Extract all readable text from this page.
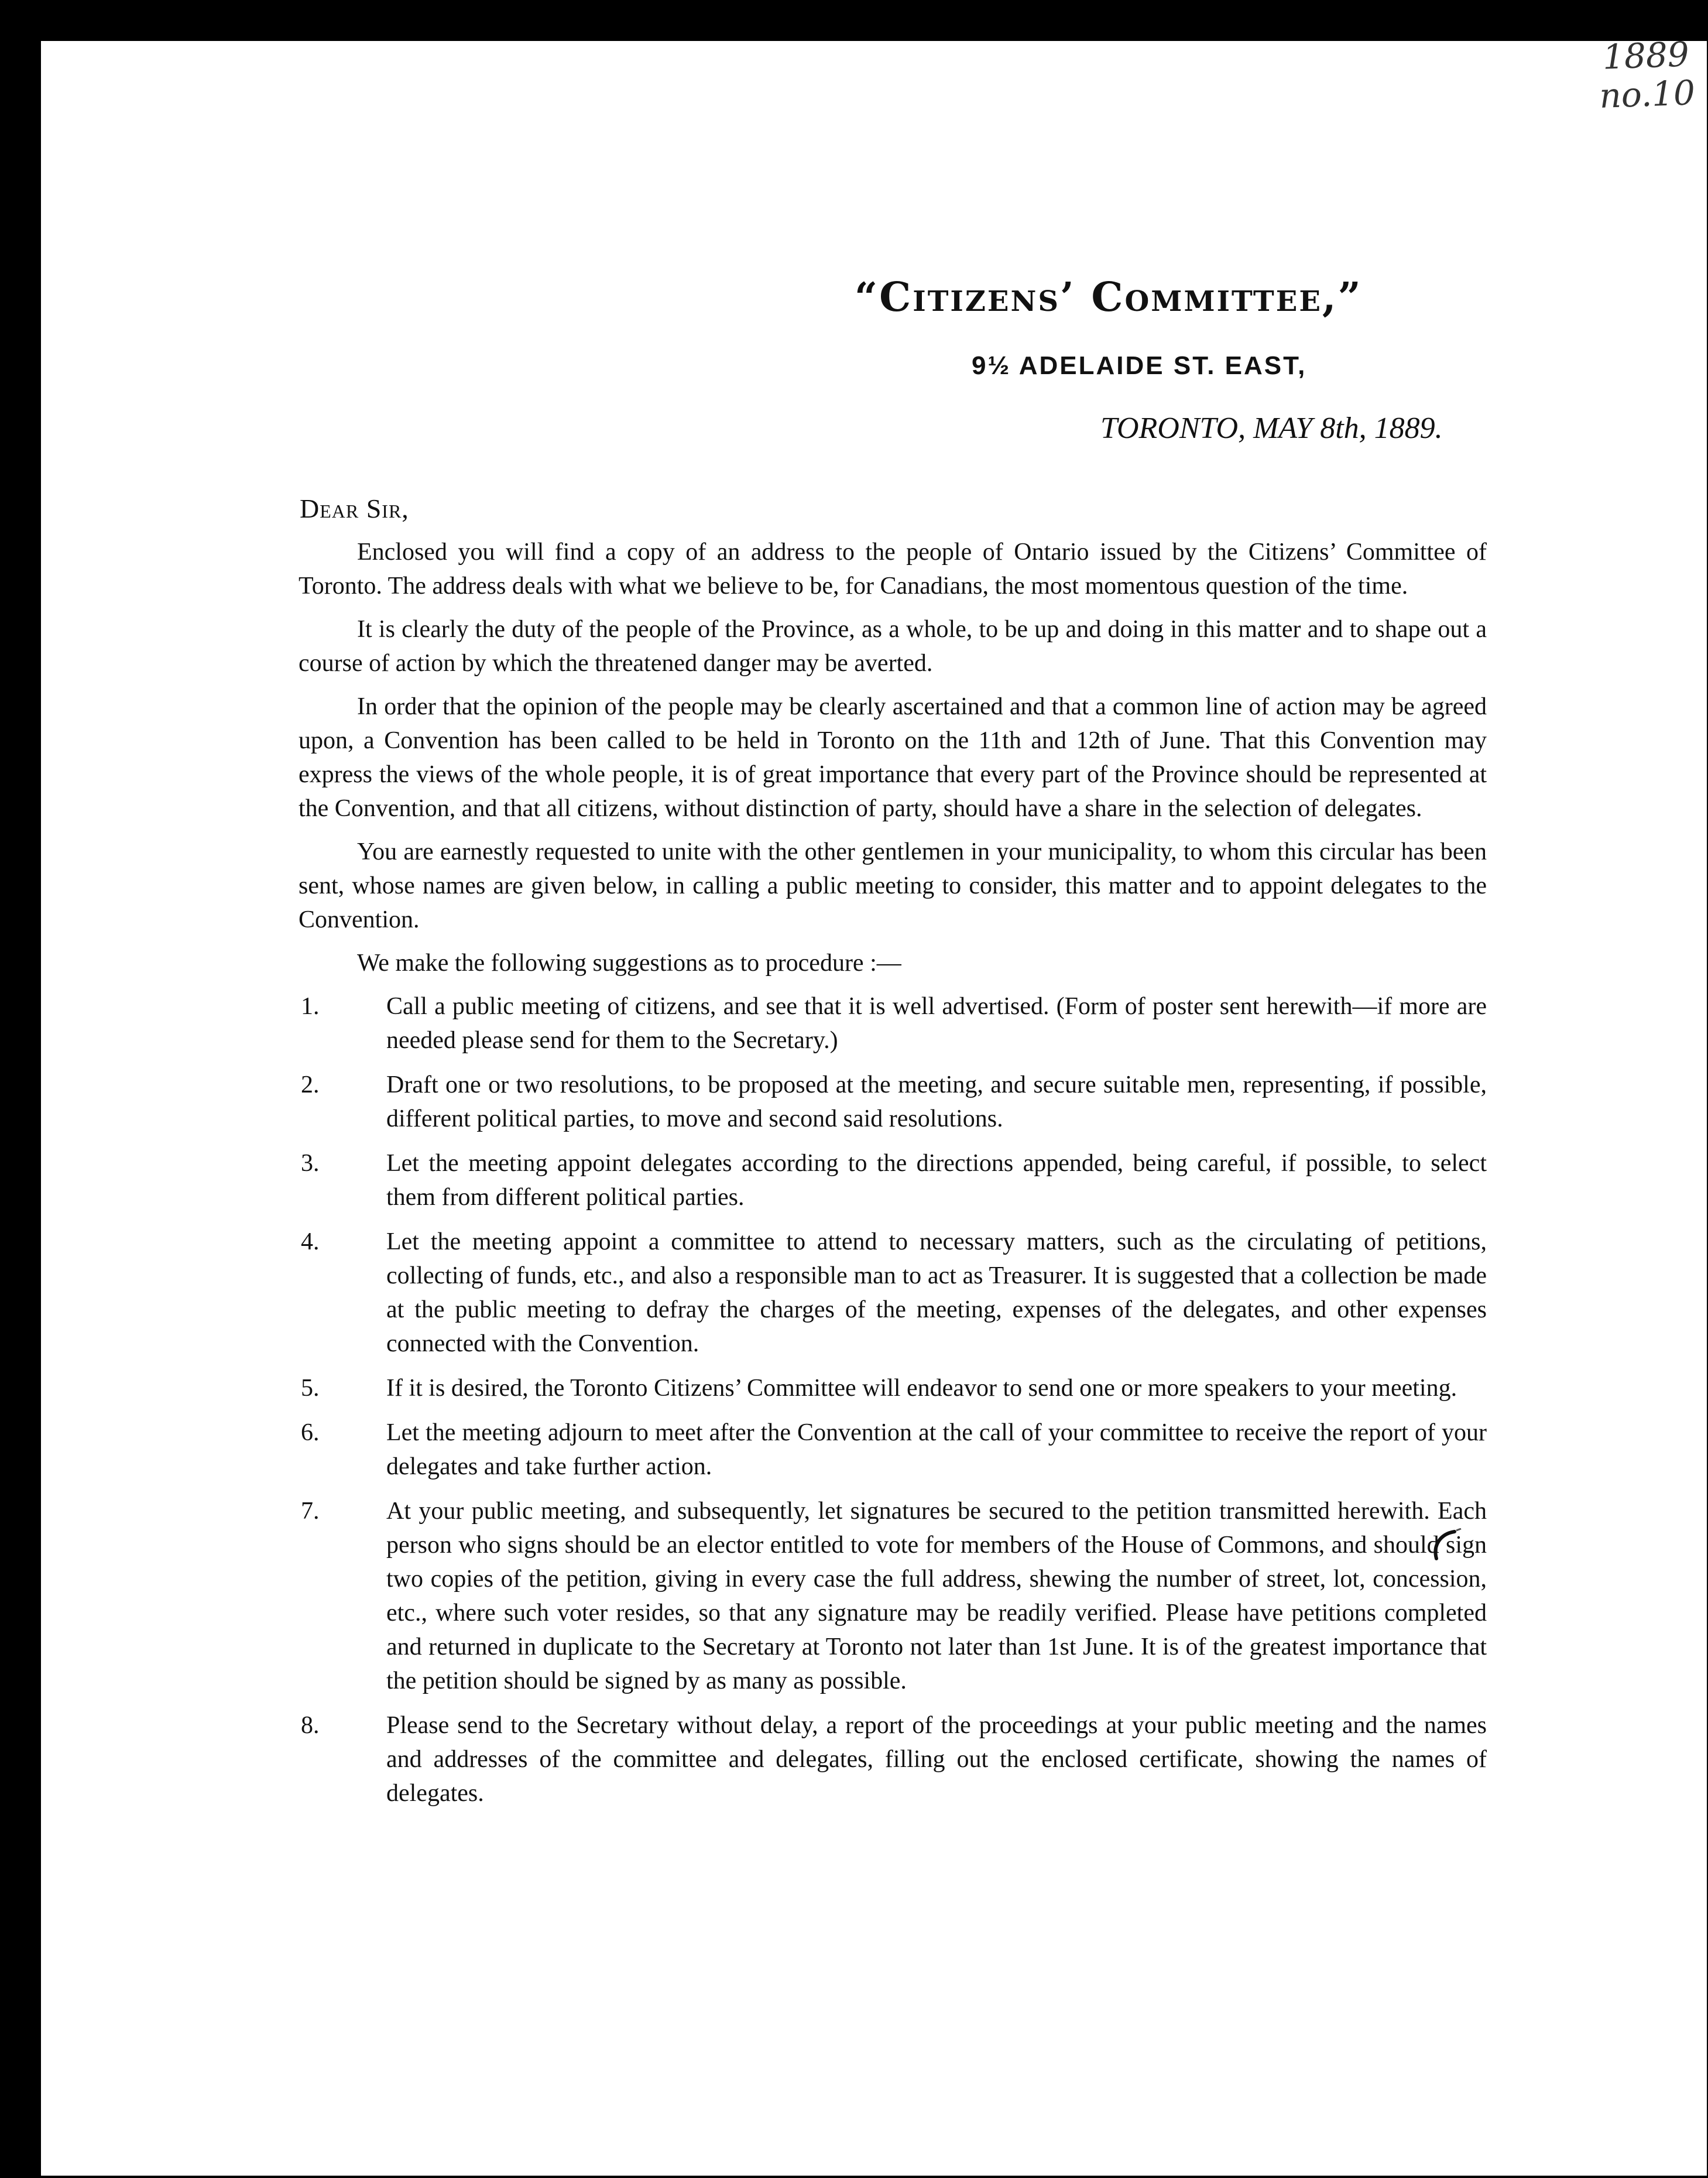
1889
no.10
“Citizens’ Committee,”
9½ ADELAIDE ST. EAST,
TORONTO, MAY 8th, 1889.
Dear Sir,

Enclosed you will find a copy of an address to the people of Ontario issued by the Citizens’ Committee of Toronto. The address deals with what we believe to be, for Canadians, the most momentous question of the time.

It is clearly the duty of the people of the Province, as a whole, to be up and doing in this matter and to shape out a course of action by which the threatened danger may be averted.

In order that the opinion of the people may be clearly ascertained and that a common line of action may be agreed upon, a Convention has been called to be held in Toronto on the 11th and 12th of June. That this Convention may express the views of the whole people, it is of great importance that every part of the Province should be represented at the Convention, and that all citizens, without distinction of party, should have a share in the selection of delegates.

You are earnestly requested to unite with the other gentlemen in your municipality, to whom this circular has been sent, whose names are given below, in calling a public meeting to consider, this matter and to appoint delegates to the Convention.

We make the following suggestions as to procedure :—

1.	Call a public meeting of citizens, and see that it is well advertised. (Form of poster sent herewith—if more are needed please send for them to the Secretary.)
2.	Draft one or two resolutions, to be proposed at the meeting, and secure suitable men, representing, if possible, different political parties, to move and second said resolutions.
3.	Let the meeting appoint delegates according to the directions appended, being careful, if possible, to select them from different political parties.
4.	Let the meeting appoint a committee to attend to necessary matters, such as the circulating of petitions, collecting of funds, etc., and also a responsible man to act as Treasurer. It is suggested that a collection be made at the public meeting to defray the charges of the meeting, expenses of the delegates, and other expenses connected with the Convention.
5.	If it is desired, the Toronto Citizens’ Committee will endeavor to send one or more speakers to your meeting.
6.	Let the meeting adjourn to meet after the Convention at the call of your committee to receive the report of your delegates and take further action.
7.	At your public meeting, and subsequently, let signatures be secured to the petition transmitted herewith. Each person who signs should be an elector entitled to vote for members of the House of Commons, and should sign two copies of the petition, giving in every case the full address, shewing the number of street, lot, concession, etc., where such voter resides, so that any signature may be readily verified. Please have petitions completed and returned in duplicate to the Secretary at Toronto not later than 1st June. It is of the greatest importance that the petition should be signed by as many as possible.
8.	Please send to the Secretary without delay, a report of the proceedings at your public meeting and the names and addresses of the committee and delegates, filling out the enclosed certificate, showing the names of delegates.
